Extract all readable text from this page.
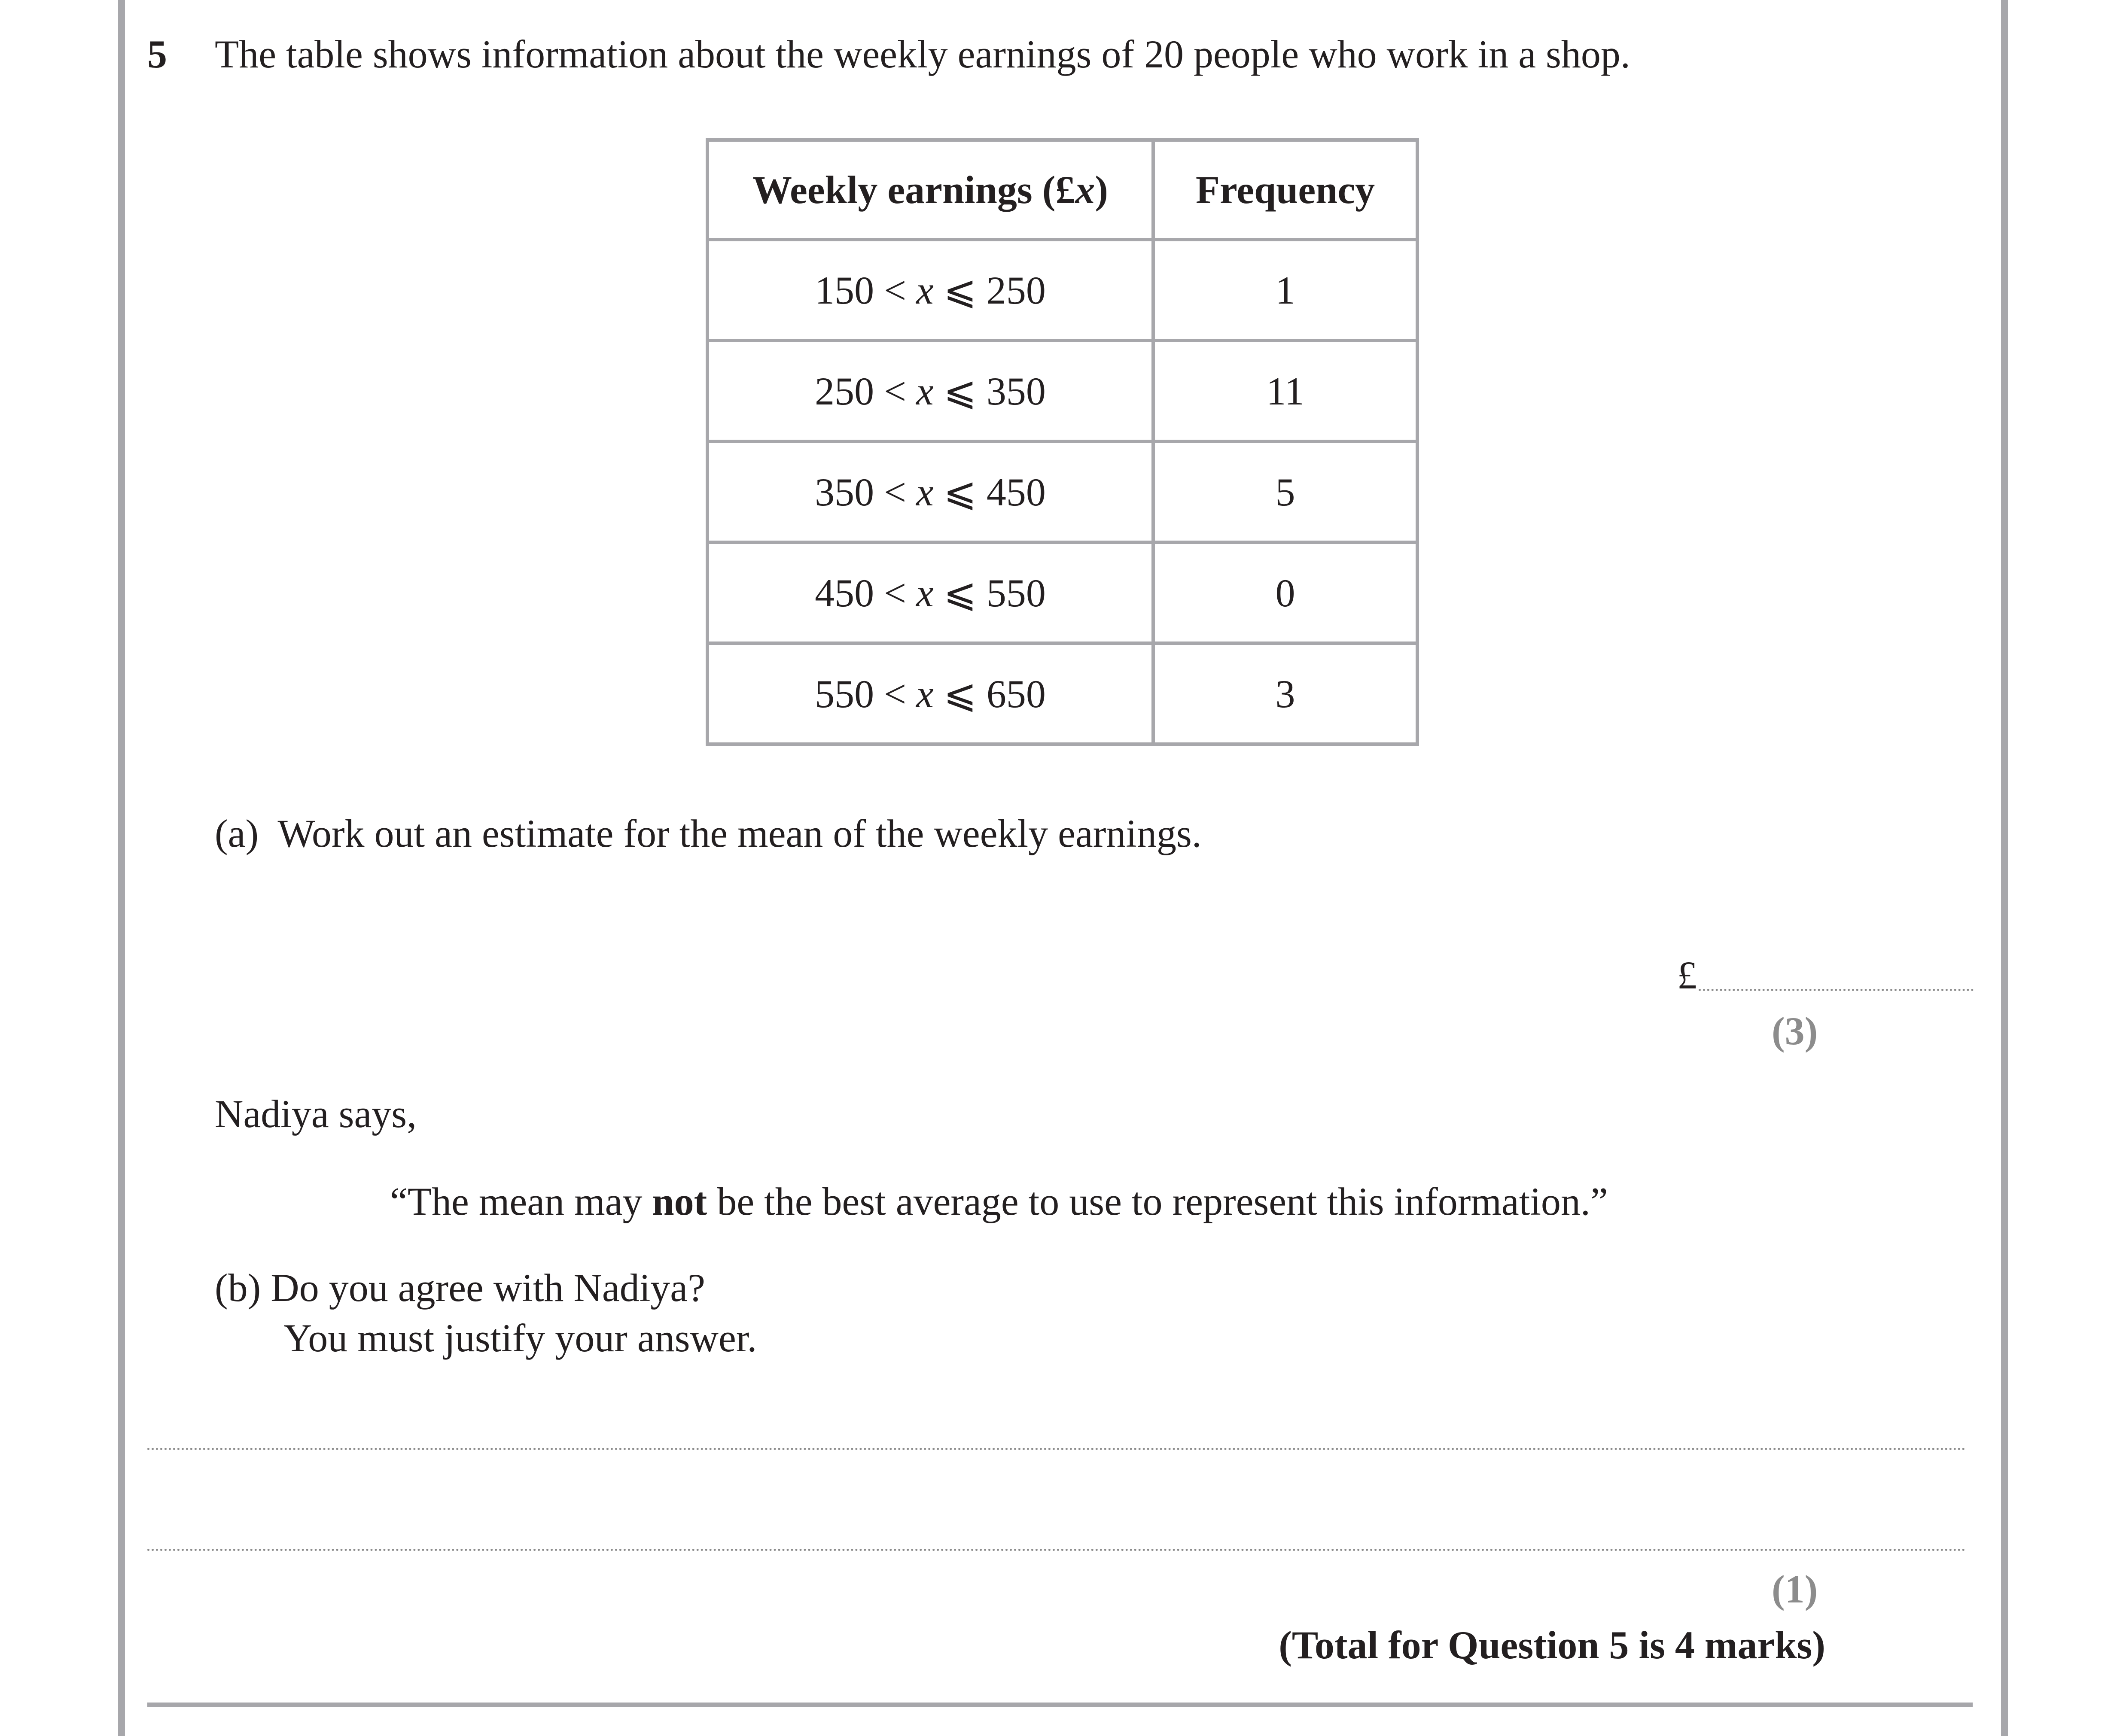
5 The table shows information about the weekly earnings of 20 people who work in a shop.
Weekly earnings (£x)	Frequency
150 < x ⩽ 250	1
250 < x ⩽ 350	11
350 < x ⩽ 450	5
450 < x ⩽ 550	0
550 < x ⩽ 650	3
(a) Work out an estimate for the mean of the weekly earnings.
£
(3)
Nadiya says,
“The mean may not be the best average to use to represent this information.”
(b) Do you agree with Nadiya?
You must justify your answer.
(1)
(Total for Question 5 is 4 marks)
